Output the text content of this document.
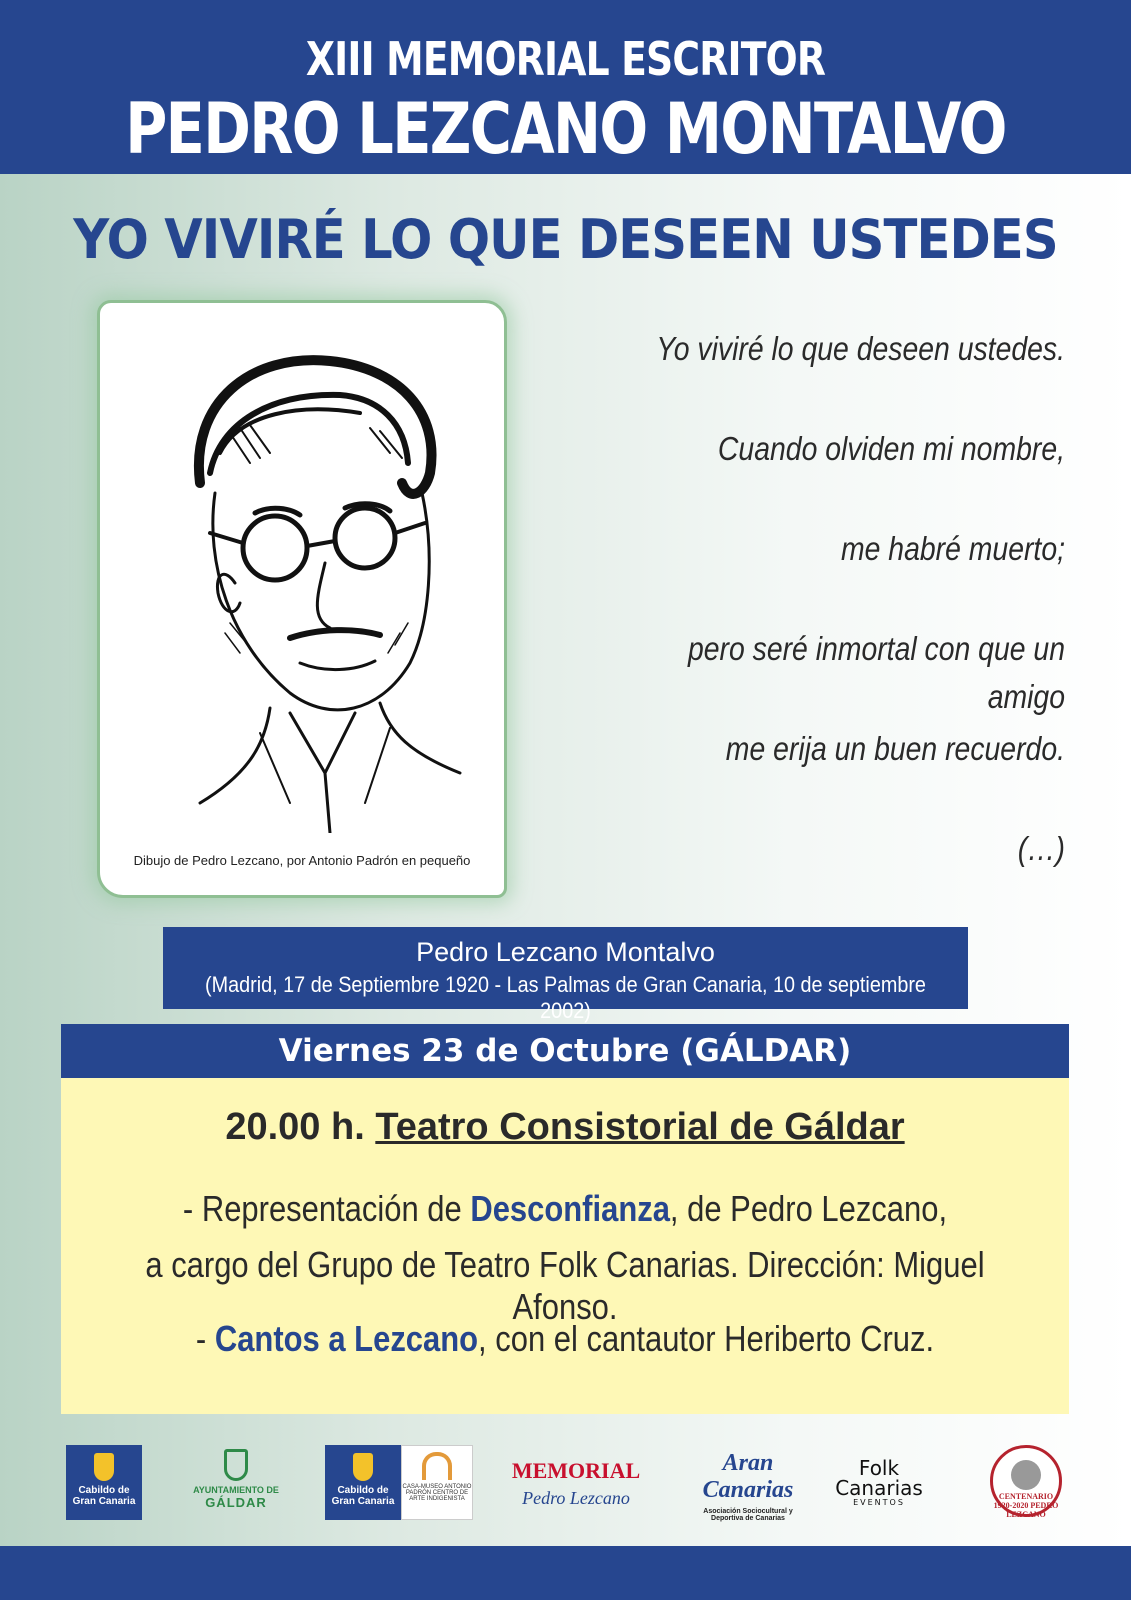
XIII MEMORIAL ESCRITOR
PEDRO LEZCANO MONTALVO
YO VIVIRÉ LO QUE DESEEN USTEDES
Dibujo de Pedro Lezcano, por Antonio Padrón en pequeño
Yo viviré lo que deseen ustedes.
Cuando olviden mi nombre,
me habré muerto;
pero seré inmortal con que un amigo
me erija un buen recuerdo.
(…)
Pedro Lezcano Montalvo
(Madrid, 17 de Septiembre 1920 - Las Palmas de Gran Canaria, 10 de septiembre 2002)
Viernes 23 de Octubre (GÁLDAR)
20.00 h. Teatro Consistorial de Gáldar
- Representación de Desconfianza, de Pedro Lezcano,
a cargo del Grupo de Teatro Folk Canarias. Dirección: Miguel Afonso.
- Cantos a Lezcano, con el cantautor Heriberto Cruz.
Cabildo de Gran Canaria
AYUNTAMIENTO DE
GÁLDAR
Cabildo de Gran Canaria
CASA-MUSEO ANTONIO PADRÓN CENTRO DE ARTE INDIGENISTA
MEMORIAL
Pedro Lezcano
Aran Canarias
Asociación Sociocultural y Deportiva de Canarias
Folk Canarias
EVENTOS
CENTENARIO 1920-2020 PEDRO LEZCANO
